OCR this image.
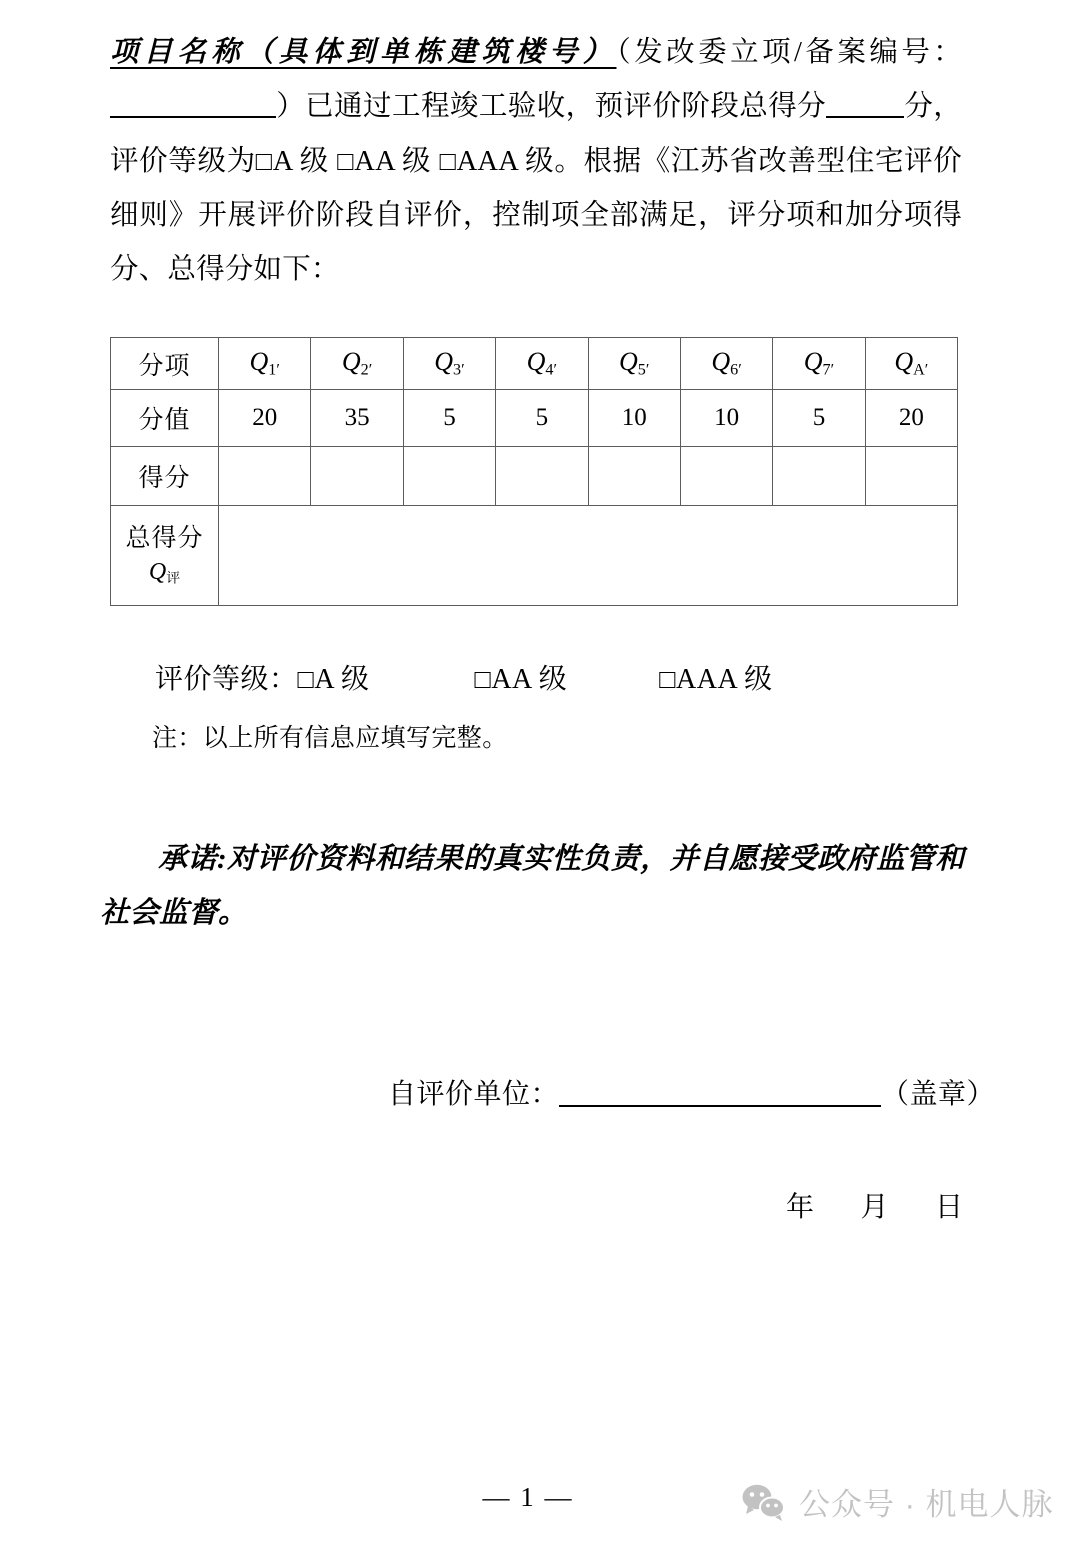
项目名称（具体到单栋建筑楼号）（发改委立项/备案编号：）已通过工程竣工验收，预评价阶段总得分	分，评价等级为□A 级 □AA 级 □AAA 级。根据《江苏省改善型住宅评价细则》开展评价阶段自评价，控制项全部满足，评分项和加分项得分、总得分如下：
分项	$Q_{1'}$	$Q_{2'}$	$Q_{3'}$	$Q_{4'}$	$Q_{5'}$	$Q_{6'}$	$Q_{7'}$	$Q_{A'}$
分值	20	35	5	5	10	10	5	20
得分								

总得分
$Q_评$

评价等级：□A 级	□AA 级	□AAA 级
注：以上所有信息应填写完整。
承诺:对评价资料和结果的真实性负责，并自愿接受政府监管和社会监督。
自评价单位：	（盖章）
年 月 日
— 1 —	公众号 · 机电人脉
